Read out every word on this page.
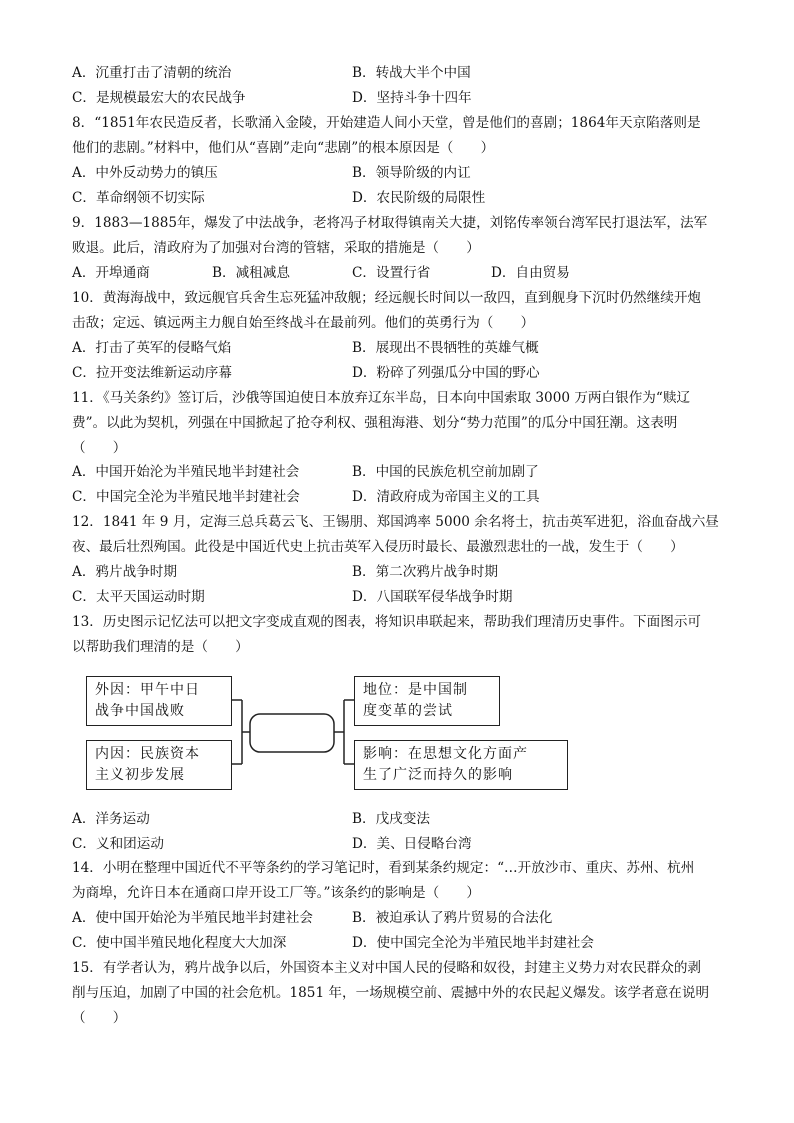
A．沉重打击了清朝的统治	B．转战大半个中国
C．是规模最宏大的农民战争	D．坚持斗争十四年
8．“1851年农民造反者，长歌涌入金陵，开始建造人间小天堂，曾是他们的喜剧；1864年天京陷落则是
他们的悲剧。”材料中，他们从“喜剧”走向“悲剧”的根本原因是（　　）
A．中外反动势力的镇压	B．领导阶级的内讧
C．革命纲领不切实际	D．农民阶级的局限性
9．1883—1885年，爆发了中法战争，老将冯子材取得镇南关大捷，刘铭传率领台湾军民打退法军，法军
败退。此后，清政府为了加强对台湾的管辖，采取的措施是（　　）
A．开埠通商	B．减租减息	C．设置行省	D．自由贸易
10．黄海海战中，致远舰官兵舍生忘死猛冲敌舰；经远舰长时间以一敌四，直到舰身下沉时仍然继续开炮
击敌；定远、镇远两主力舰自始至终战斗在最前列。他们的英勇行为（　　）
A．打击了英军的侵略气焰	B．展现出不畏牺牲的英雄气概
C．拉开变法维新运动序幕	D．粉碎了列强瓜分中国的野心
11．《马关条约》签订后，沙俄等国迫使日本放弃辽东半岛，日本向中国索取 3000 万两白银作为“赎辽
费”。以此为契机，列强在中国掀起了抢夺利权、强租海港、划分“势力范围”的瓜分中国狂潮。这表明
（　　）
A．中国开始沦为半殖民地半封建社会	B．中国的民族危机空前加剧了
C．中国完全沦为半殖民地半封建社会	D．清政府成为帝国主义的工具
12．1841 年 9 月，定海三总兵葛云飞、王锡朋、郑国鸿率 5000 余名将士，抗击英军进犯，浴血奋战六昼
夜、最后壮烈殉国。此役是中国近代史上抗击英军入侵历时最长、最激烈悲壮的一战，发生于（　　）
A．鸦片战争时期	B．第二次鸦片战争时期
C．太平天国运动时期	D．八国联军侵华战争时期
13．历史图示记忆法可以把文字变成直观的图表，将知识串联起来，帮助我们理清历史事件。下面图示可
以帮助我们理清的是（　　）
外因：甲午中日
战争中国战败
内因：民族资本
主义初步发展
地位：是中国制
度变革的尝试
影响：在思想文化方面产
生了广泛而持久的影响
A．洋务运动	B．戊戌变法
C．义和团运动	D．美、日侵略台湾
14．小明在整理中国近代不平等条约的学习笔记时，看到某条约规定：“…开放沙市、重庆、苏州、杭州
为商埠，允许日本在通商口岸开设工厂等。”该条约的影响是（　　）
A．使中国开始沦为半殖民地半封建社会	B．被迫承认了鸦片贸易的合法化
C．使中国半殖民地化程度大大加深	D．使中国完全沦为半殖民地半封建社会
15．有学者认为，鸦片战争以后，外国资本主义对中国人民的侵略和奴役，封建主义势力对农民群众的剥
削与压迫，加剧了中国的社会危机。1851 年，一场规模空前、震撼中外的农民起义爆发。该学者意在说明
（　　）
